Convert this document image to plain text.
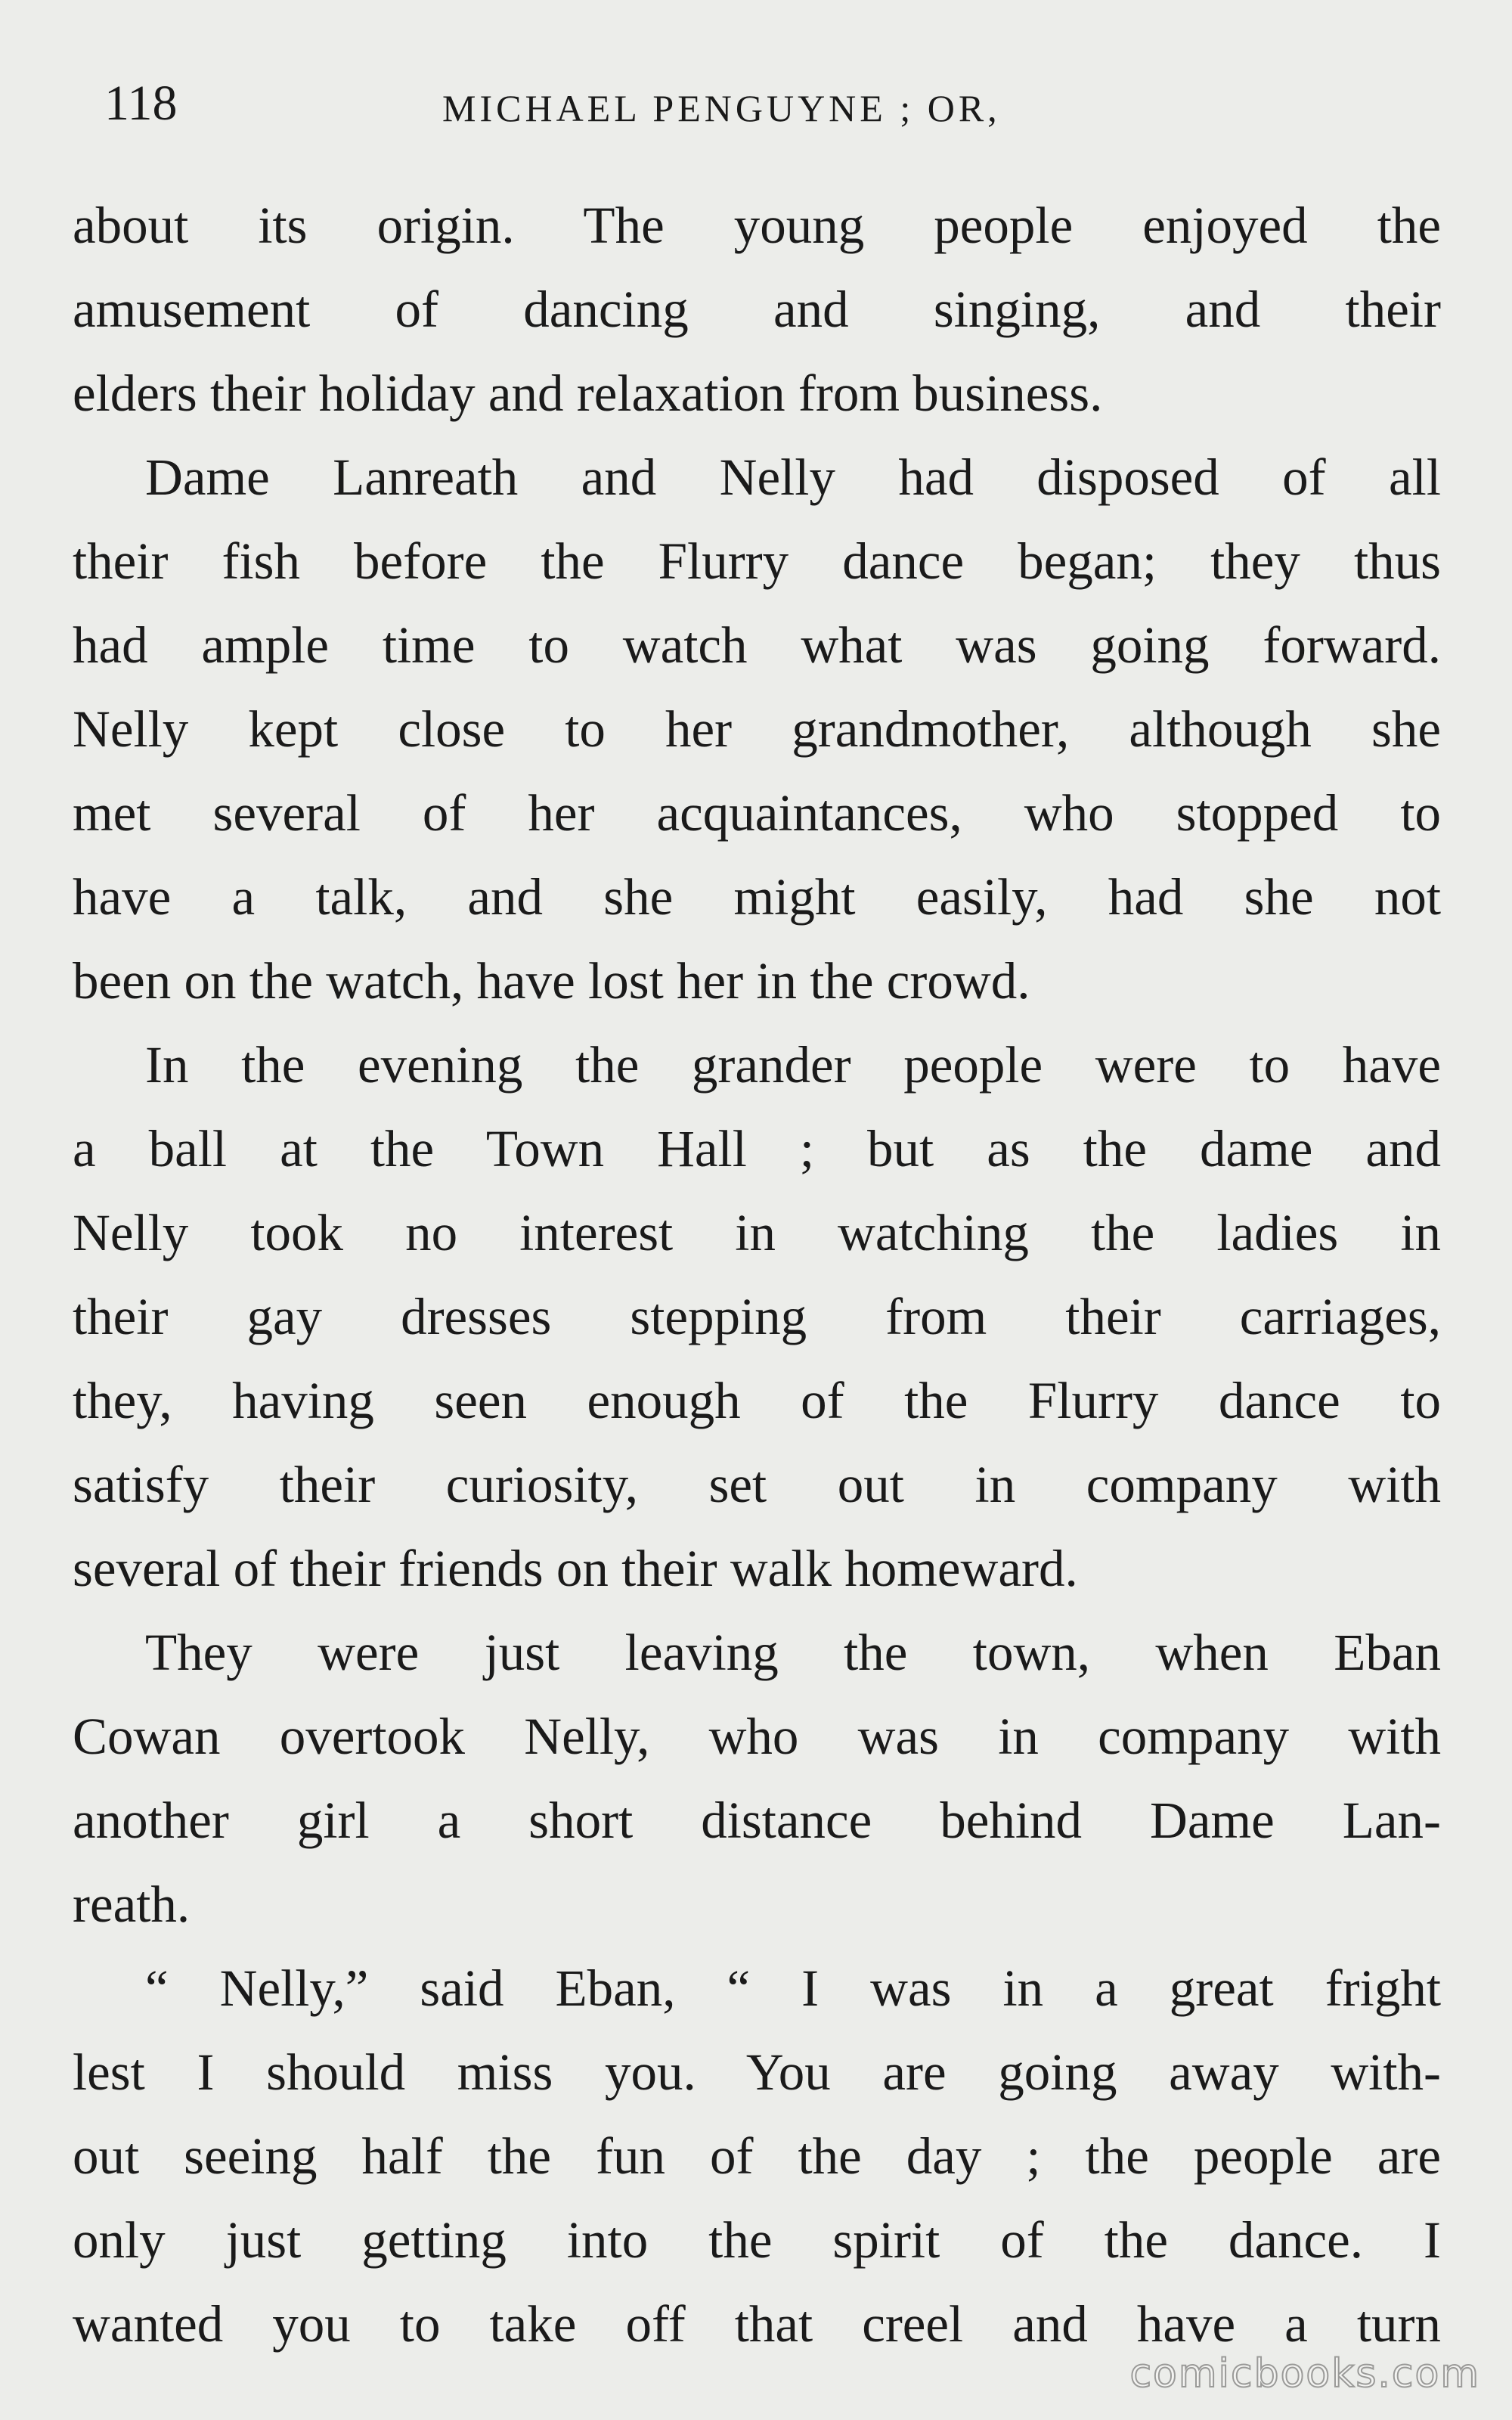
118	MICHAEL PENGUYNE ; OR,
about its origin. The young people enjoyed the
amusement of dancing and singing, and their
elders their holiday and relaxation from business.
Dame Lanreath and Nelly had disposed of all
their fish before the Flurry dance began; they thus
had ample time to watch what was going forward.
Nelly kept close to her grandmother, although she
met several of her acquaintances, who stopped to
have a talk, and she might easily, had she not
been on the watch, have lost her in the crowd.
In the evening the grander people were to have
a ball at the Town Hall ; but as the dame and
Nelly took no interest in watching the ladies in
their gay dresses stepping from their carriages,
they, having seen enough of the Flurry dance to
satisfy their curiosity, set out in company with
several of their friends on their walk homeward.
They were just leaving the town, when Eban
Cowan overtook Nelly, who was in company with
another girl a short distance behind Dame Lan-
reath.
“ Nelly,” said Eban, “ I was in a great fright
lest I should miss you. You are going away with-
out seeing half the fun of the day ; the people are
only just getting into the spirit of the dance. I
wanted you to take off that creel and have a turn
comicbooks.com
